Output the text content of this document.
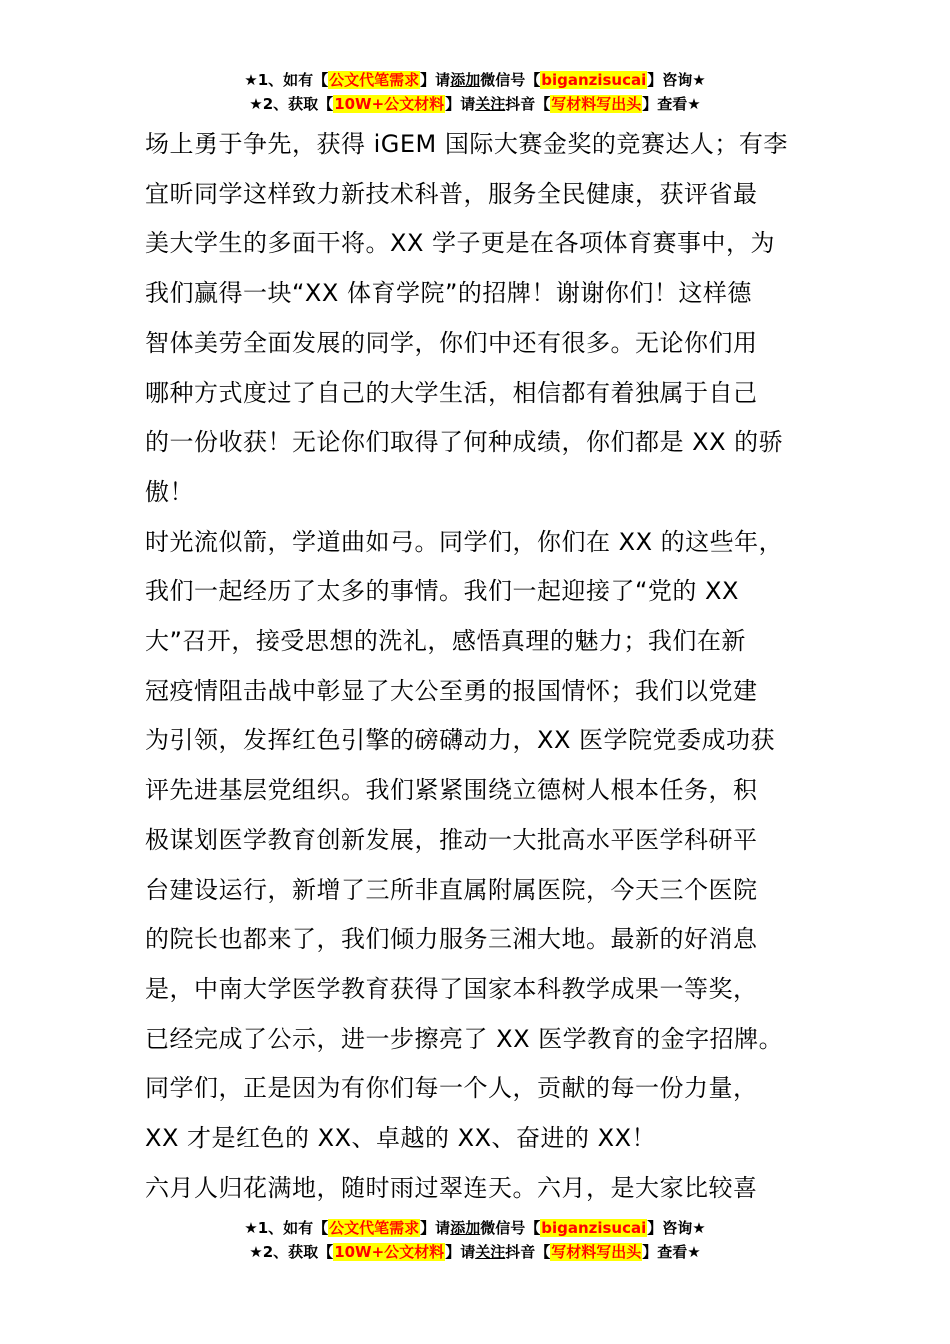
★1、如有【公文代笔需求】请添加微信号【biganzisucai】咨询★
★2、获取【10W+公文材料】请关注抖音【写材料写出头】查看★

场上勇于争先，获得 iGEM 国际大赛金奖的竞赛达人；有李

宜昕同学这样致力新技术科普，服务全民健康，获评省最

美大学生的多面干将。XX 学子更是在各项体育赛事中，为

我们赢得一块“XX 体育学院”的招牌！谢谢你们！这样德

智体美劳全面发展的同学，你们中还有很多。无论你们用

哪种方式度过了自己的大学生活，相信都有着独属于自己

的一份收获！无论你们取得了何种成绩，你们都是 XX 的骄

傲！

时光流似箭，学道曲如弓。同学们，你们在 XX 的这些年，

我们一起经历了太多的事情。我们一起迎接了“党的 XX

大”召开，接受思想的洗礼，感悟真理的魅力；我们在新

冠疫情阻击战中彰显了大公至勇的报国情怀；我们以党建

为引领，发挥红色引擎的磅礴动力，XX 医学院党委成功获

评先进基层党组织。我们紧紧围绕立德树人根本任务，积

极谋划医学教育创新发展，推动一大批高水平医学科研平

台建设运行，新增了三所非直属附属医院，今天三个医院

的院长也都来了，我们倾力服务三湘大地。最新的好消息

是，中南大学医学教育获得了国家本科教学成果一等奖，

已经完成了公示，进一步擦亮了 XX 医学教育的金字招牌。

同学们，正是因为有你们每一个人，贡献的每一份力量，

XX 才是红色的 XX、卓越的 XX、奋进的 XX！

六月人归花满地，随时雨过翠连天。六月，是大家比较喜

★1、如有【公文代笔需求】请添加微信号【biganzisucai】咨询★
★2、获取【10W+公文材料】请关注抖音【写材料写出头】查看★
